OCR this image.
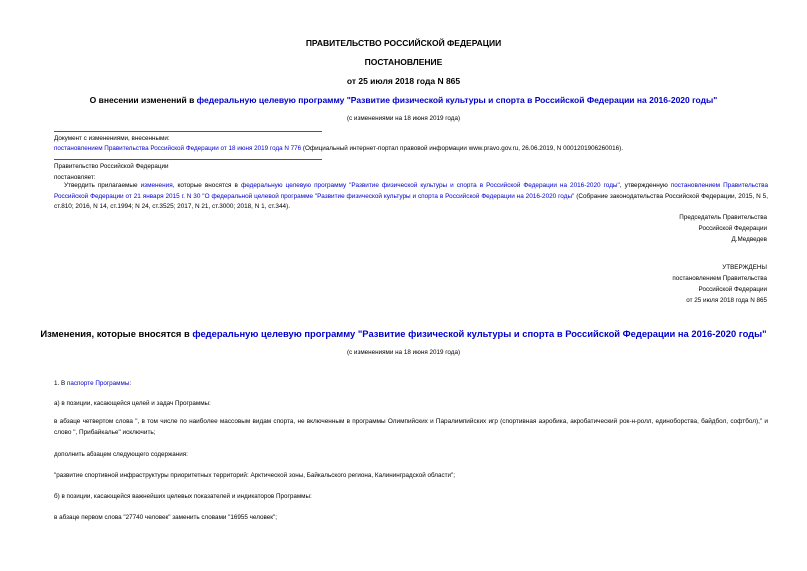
ПРАВИТЕЛЬСТВО РОССИЙСКОЙ ФЕДЕРАЦИИ
ПОСТАНОВЛЕНИЕ
от 25 июля 2018 года N 865
О внесении изменений в федеральную целевую программу "Развитие физической культуры и спорта в Российской Федерации на 2016-2020 годы"
(с изменениями на 18 июня 2019 года)
Документ с изменениями, внесенными:
постановлением Правительства Российской Федерации от 18 июня 2019 года N 776 (Официальный интернет-портал правовой информации www.pravo.gov.ru, 26.06.2019, N 0001201906260016).
Правительство Российской Федерации
постановляет:
Утвердить прилагаемые изменения, которые вносятся в федеральную целевую программу "Развитие физической культуры и спорта в Российской Федерации на 2016-2020 годы", утвержденную постановлением Правительства Российской Федерации от 21 января 2015 г. N 30 "О федеральной целевой программе "Развитие физической культуры и спорта в Российской Федерации на 2016-2020 годы" (Собрание законодательства Российской Федерации, 2015, N 5, ст.810; 2016, N 14, ст.1994; N 24, ст.3525; 2017, N 21, ст.3000; 2018, N 1, ст.344).
Председатель Правительства
Российской Федерации
Д.Медведев
УТВЕРЖДЕНЫ
постановлением Правительства
Российской Федерации
от 25 июля 2018 года N 865
Изменения, которые вносятся в федеральную целевую программу "Развитие физической культуры и спорта в Российской Федерации на 2016-2020 годы"
(с изменениями на 18 июня 2019 года)
1. В паспорте Программы:
а) в позиции, касающейся целей и задач Программы:
в абзаце четвертом слова ", в том числе по наиболее массовым видам спорта, не включенным в программы Олимпийских и Паралимпийских игр (спортивная аэробика, акробатический рок-н-ролл, единоборства, байдбол, софтбол)," и слово ", Прибайкалье" исключить;
дополнить абзацем следующего содержания:
"развитие спортивной инфраструктуры приоритетных территорий: Арктической зоны, Байкальского региона, Калининградской области";
б) в позиции, касающейся важнейших целевых показателей и индикаторов Программы:
в абзаце первом слова "27740 человек" заменить словами "16955 человек";
